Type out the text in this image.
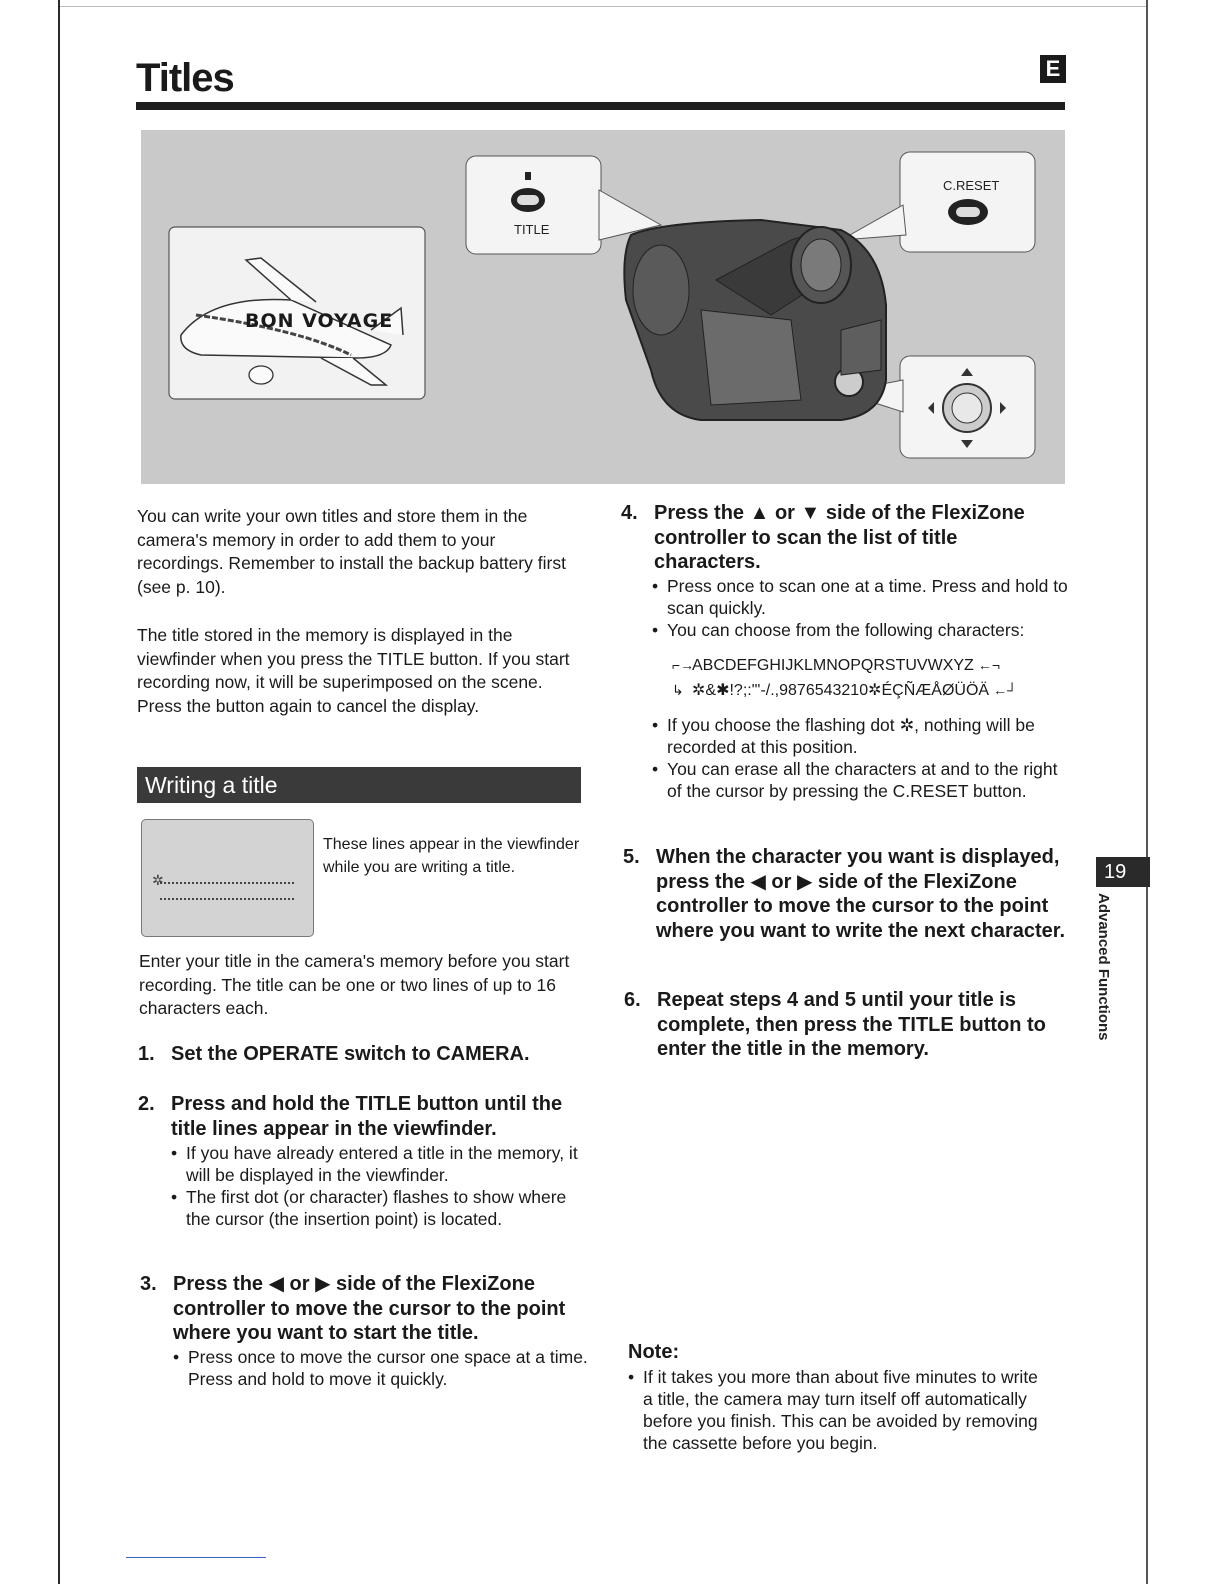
Titles	E
TITLE
C.RESET
BON VOYAGE

You can write your own titles and store them in the camera's memory in order to add them to your recordings. Remember to install the backup battery first (see p. 10).

The title stored in the memory is displayed in the viewfinder when you press the TITLE button. If you start recording now, it will be superimposed on the scene. Press the button again to cancel the display.

Writing a title
✲

These lines appear in the viewfinder while you are writing a title.

Enter your title in the camera's memory before you start recording. The title can be one or two lines of up to 16 characters each.

1. Set the OPERATE switch to CAMERA.

2. Press and hold the TITLE button until the title lines appear in the viewfinder.

• If you have already entered a title in the memory, it will be displayed in the viewfinder.
• The first dot (or character) flashes to show where the cursor (the insertion point) is located.

3. Press the ◀ or ▶ side of the FlexiZone controller to move the cursor to the point where you want to start the title.

• Press once to move the cursor one space at a time. Press and hold to move it quickly.

4. Press the ▲ or ▼ side of the FlexiZone controller to scan the list of title characters.

• Press once to scan one at a time. Press and hold to scan quickly.
• You can choose from the following characters:
⌐→
ABCDEFGHIJKLMNOPQRSTUVWXYZ ←¬
↳ ✲&✱!?;:"'-/.,9876543210✲ÉÇÑÆÅØÜÖÄ ←┘
• If you choose the flashing dot ✲, nothing will be recorded at this position.
• You can erase all the characters at and to the right of the cursor by pressing the C.RESET button.

5. When the character you want is displayed, press the ◀ or ▶ side of the FlexiZone controller to move the cursor to the point where you want to write the next character.

6. Repeat steps 4 and 5 until your title is complete, then press the TITLE button to enter the title in the memory.

Note:

• If it takes you more than about five minutes to write a title, the camera may turn itself off automatically before you finish. This can be avoided by removing the cassette before you begin.
19
Advanced Functions
